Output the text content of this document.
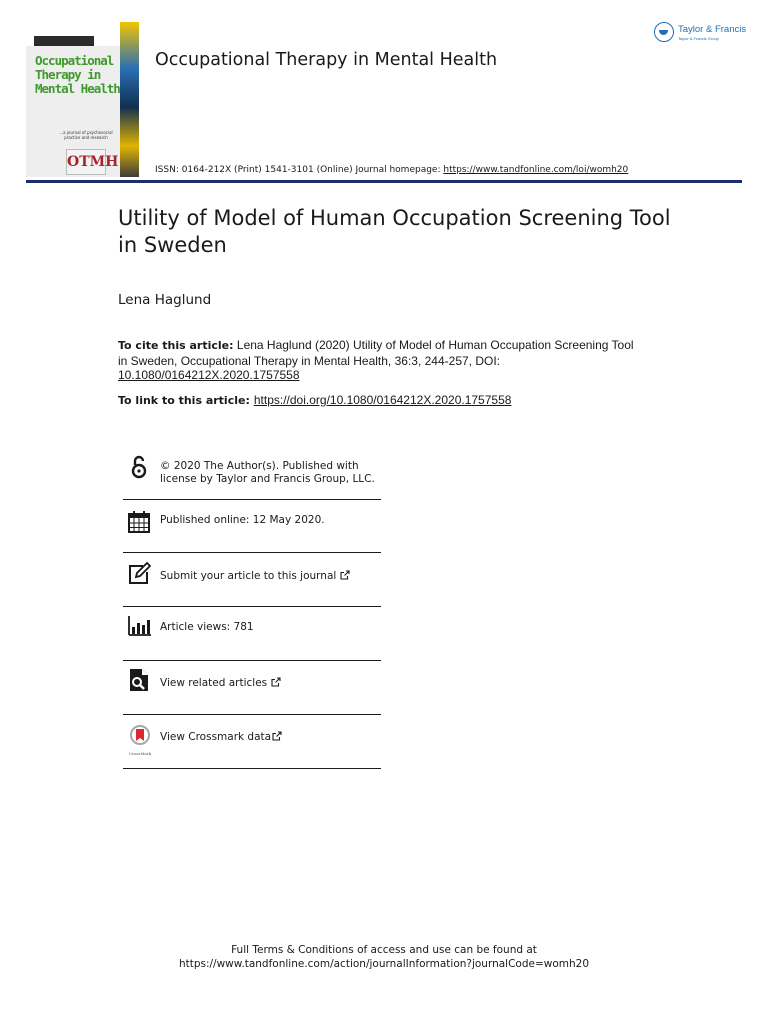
Occupational
Therapy in
Mental Health
...a journal of psychosocial practice and research
OTMH
Occupational Therapy in Mental Health
ISSN: 0164-212X (Print) 1541-3101 (Online) Journal homepage: https://www.tandfonline.com/loi/womh20
Taylor & Francis
Taylor & Francis Group
Utility of Model of Human Occupation Screening Tool in Sweden
Lena Haglund
To cite this article: Lena Haglund (2020) Utility of Model of Human Occupation Screening Tool in Sweden, Occupational Therapy in Mental Health, 36:3, 244-257, DOI: 10.1080/0164212X.2020.1757558
To link to this article: https://doi.org/10.1080/0164212X.2020.1757558
© 2020 The Author(s). Published with license by Taylor and Francis Group, LLC.
Published online: 12 May 2020.
Submit your article to this journal
Article views: 781
View related articles
CrossMark
View Crossmark data
Full Terms & Conditions of access and use can be found at
https://www.tandfonline.com/action/journalInformation?journalCode=womh20
